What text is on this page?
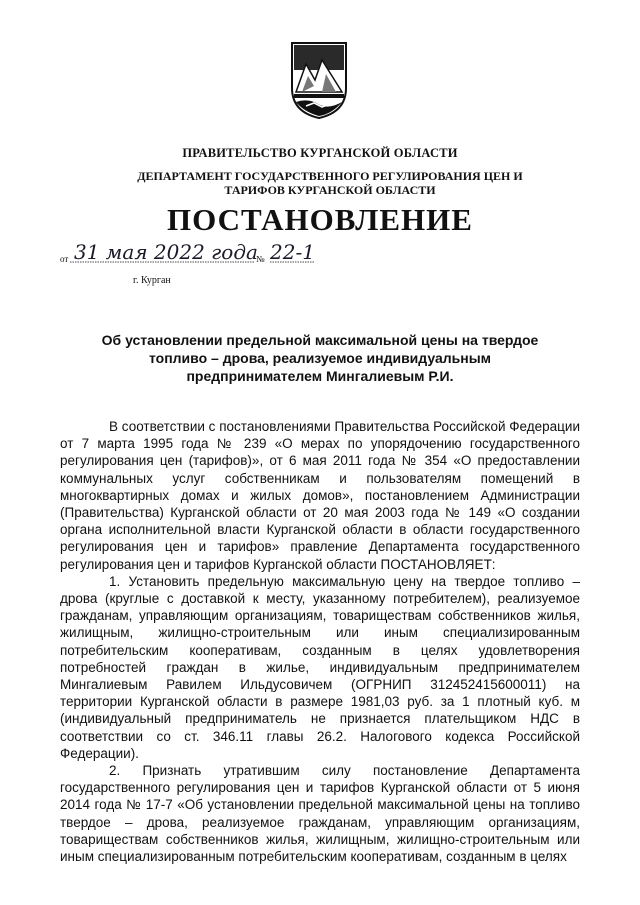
ПРАВИТЕЛЬСТВО КУРГАНСКОЙ ОБЛАСТИ
ДЕПАРТАМЕНТ ГОСУДАРСТВЕННОГО РЕГУЛИРОВАНИЯ ЦЕН И ТАРИФОВ КУРГАНСКОЙ ОБЛАСТИ
ПОСТАНОВЛЕНИЕ
от 31 мая 2022 года
№ 22-1
г. Курган
Об установлении предельной максимальной цены на твердое топливо – дрова, реализуемое индивидуальным предпринимателем Мингалиевым Р.И.

В соответствии с постановлениями Правительства Российской Федерации от 7 марта 1995 года № 239 «О мерах по упорядочению государственного регулирования цен (тарифов)», от 6 мая 2011 года № 354 «О предоставлении коммунальных услуг собственникам и пользователям помещений в многоквартирных домах и жилых домов», постановлением Администрации (Правительства) Курганской области от 20 мая 2003 года № 149 «О создании органа исполнительной власти Курганской области в области государственного регулирования цен и тарифов» правление Департамента государственного регулирования цен и тарифов Курганской области ПОСТАНОВЛЯЕТ:

1. Установить предельную максимальную цену на твердое топливо – дрова (круглые с доставкой к месту, указанному потребителем), реализуемое гражданам, управляющим организациям, товариществам собственников жилья, жилищным, жилищно-строительным или иным специализированным потребительским кооперативам, созданным в целях удовлетворения потребностей граждан в жилье, индивидуальным предпринимателем Мингалиевым Равилем Ильдусовичем (ОГРНИП 312452415600011) на территории Курганской области в размере 1981,03 руб. за 1 плотный куб. м (индивидуальный предприниматель не признается плательщиком НДС в соответствии со ст. 346.11 главы 26.2. Налогового кодекса Российской Федерации).

2. Признать утратившим силу постановление Департамента государственного регулирования цен и тарифов Курганской области от 5 июня 2014 года № 17-7 «Об установлении предельной максимальной цены на топливо твердое – дрова, реализуемое гражданам, управляющим организациям, товариществам собственников жилья, жилищным, жилищно-строительным или иным специализированным потребительским кооперативам, созданным в целях
